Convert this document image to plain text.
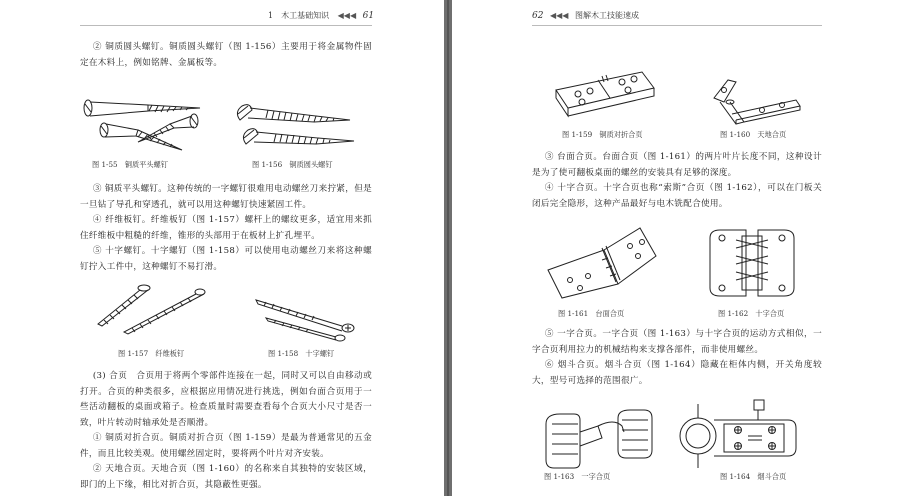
1　木工基础知识 ◀◀◀ 61
② 铜质圆头螺钉。铜质圆头螺钉（图 1-156）主要用于将金属物件固定在木料上，例如铭牌、金属板等。
图 1-55　铜质平头螺钉	图 1-156　铜质圆头螺钉
③ 铜质平头螺钉。这种传统的一字螺钉很难用电动螺丝刀来拧紧，但是一旦钻了导孔和穿透孔，就可以用这种螺钉快速紧固工件。
④ 纤维板钉。纤维板钉（图 1-157）螺杆上的螺纹更多，适宜用来抓住纤维板中粗糙的纤维，锥形的头部用于在板材上扩孔埋平。
⑤ 十字螺钉。十字螺钉（图 1-158）可以使用电动螺丝刀来将这种螺钉拧入工件中，这种螺钉不易打滑。
图 1-157　纤维板钉	图 1-158　十字螺钉
(3) 合页　合页用于将两个零部件连接在一起，同时又可以自由移动或打开。合页的种类很多，应根据应用情况进行挑选，例如台面合页用于一些活动翻板的桌面或箱子。检查质量时需要查看每个合页大小尺寸是否一致，叶片转动时轴承处是否顺滑。
① 铜质对折合页。铜质对折合页（图 1-159）是最为普通常见的五金件，而且比较美观。使用螺丝固定时，要将两个叶片对齐安装。
② 天地合页。天地合页（图 1-160）的名称来自其独特的安装区域，即门的上下缘，相比对折合页，其隐蔽性更强。
62 ◀◀◀ 图解木工技能速成
图 1-159　铜质对折合页	图 1-160　天地合页
③ 台面合页。台面合页（图 1-161）的两片叶片长度不同，这种设计是为了使可翻板桌面的螺丝的安装具有足够的深度。
④ 十字合页。十字合页也称“索斯”合页（图 1-162），可以在门板关闭后完全隐形，这种产品最好与电木铣配合使用。
图 1-161　台面合页	图 1-162　十字合页
⑤ 一字合页。一字合页（图 1-163）与十字合页的运动方式相似，一字合页利用拉力的机械结构来支撑各部件，而非使用螺丝。
⑥ 烟斗合页。烟斗合页（图 1-164）隐藏在柜体内侧，开关角度较大，型号可选择的范围很广。
图 1-163　一字合页	图 1-164　烟斗合页
